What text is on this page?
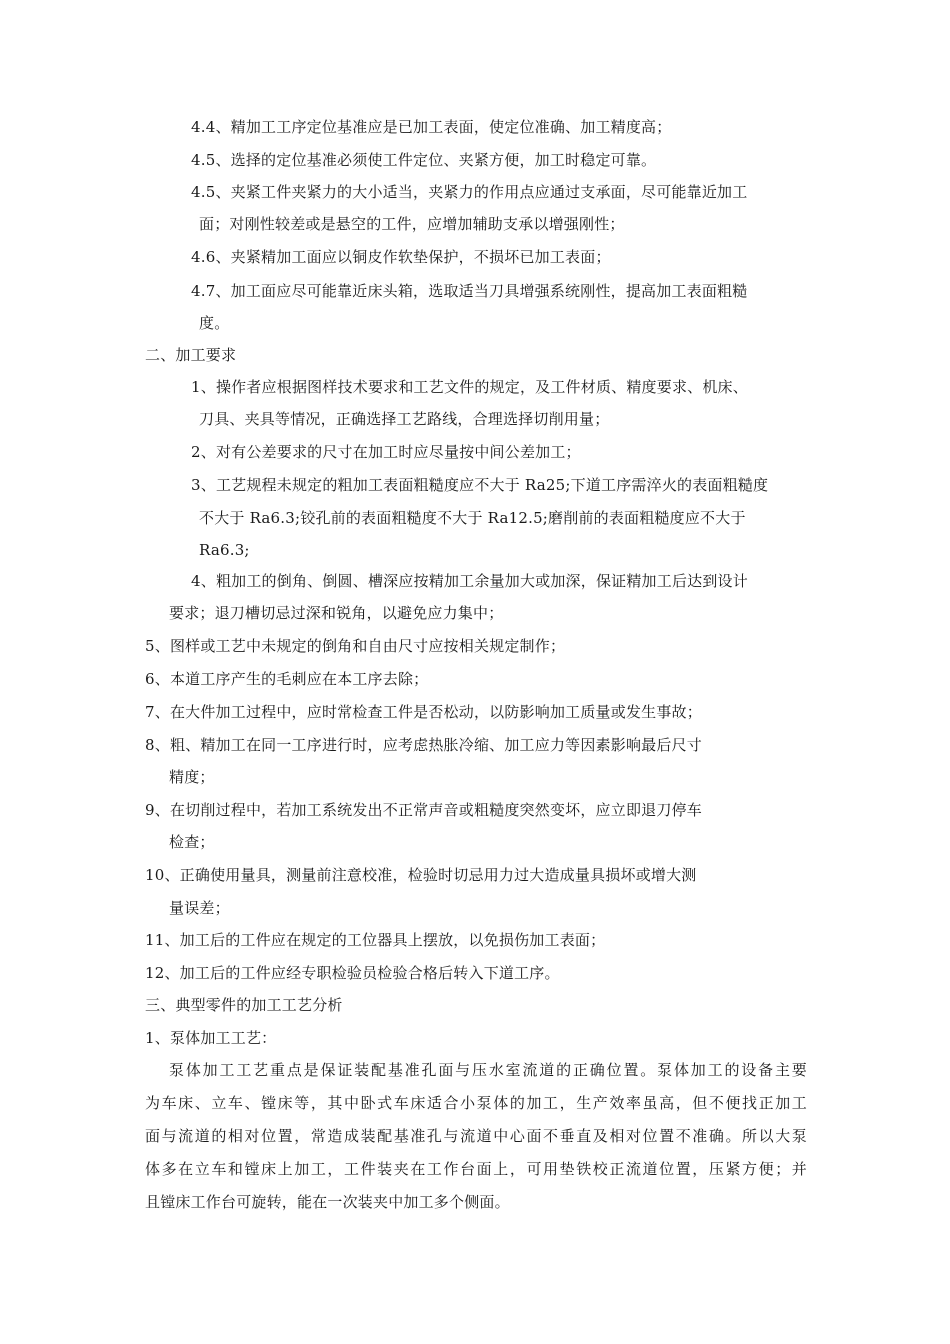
4.4、精加工工序定位基准应是已加工表面，使定位准确、加工精度高；
4.5、选择的定位基准必须使工件定位、夹紧方便，加工时稳定可靠。
4.5、夹紧工件夹紧力的大小适当，夹紧力的作用点应通过支承面，尽可能靠近加工
面；对刚性较差或是悬空的工件，应增加辅助支承以增强刚性；
4.6、夹紧精加工面应以铜皮作软垫保护，不损坏已加工表面；
4.7、加工面应尽可能靠近床头箱，选取适当刀具增强系统刚性，提高加工表面粗糙
度。
二、加工要求
1、操作者应根据图样技术要求和工艺文件的规定，及工件材质、精度要求、机床、
刀具、夹具等情况，正确选择工艺路线，合理选择切削用量；
2、对有公差要求的尺寸在加工时应尽量按中间公差加工；
3、工艺规程未规定的粗加工表面粗糙度应不大于 Ra25;下道工序需淬火的表面粗糙度
不大于 Ra6.3;铰孔前的表面粗糙度不大于 Ra12.5;磨削前的表面粗糙度应不大于
Ra6.3;
4、粗加工的倒角、倒圆、槽深应按精加工余量加大或加深，保证精加工后达到设计
要求；退刀槽切忌过深和锐角，以避免应力集中；
5、图样或工艺中未规定的倒角和自由尺寸应按相关规定制作；
6、本道工序产生的毛刺应在本工序去除；
7、在大件加工过程中，应时常检查工件是否松动，以防影响加工质量或发生事故；
8、粗、精加工在同一工序进行时，应考虑热胀冷缩、加工应力等因素影响最后尺寸
精度；
9、在切削过程中，若加工系统发出不正常声音或粗糙度突然变坏，应立即退刀停车
检查；
10、正确使用量具，测量前注意校准，检验时切忌用力过大造成量具损坏或增大测
量误差；
11、加工后的工件应在规定的工位器具上摆放，以免损伤加工表面；
12、加工后的工件应经专职检验员检验合格后转入下道工序。
三、典型零件的加工工艺分析
1、泵体加工工艺：
泵体加工工艺重点是保证装配基准孔面与压水室流道的正确位置。泵体加工的设备主要
为车床、立车、镗床等，其中卧式车床适合小泵体的加工，生产效率虽高，但不便找正加工
面与流道的相对位置，常造成装配基准孔与流道中心面不垂直及相对位置不准确。所以大泵
体多在立车和镗床上加工，工件装夹在工作台面上，可用垫铁校正流道位置，压紧方便；并
且镗床工作台可旋转，能在一次装夹中加工多个侧面。
